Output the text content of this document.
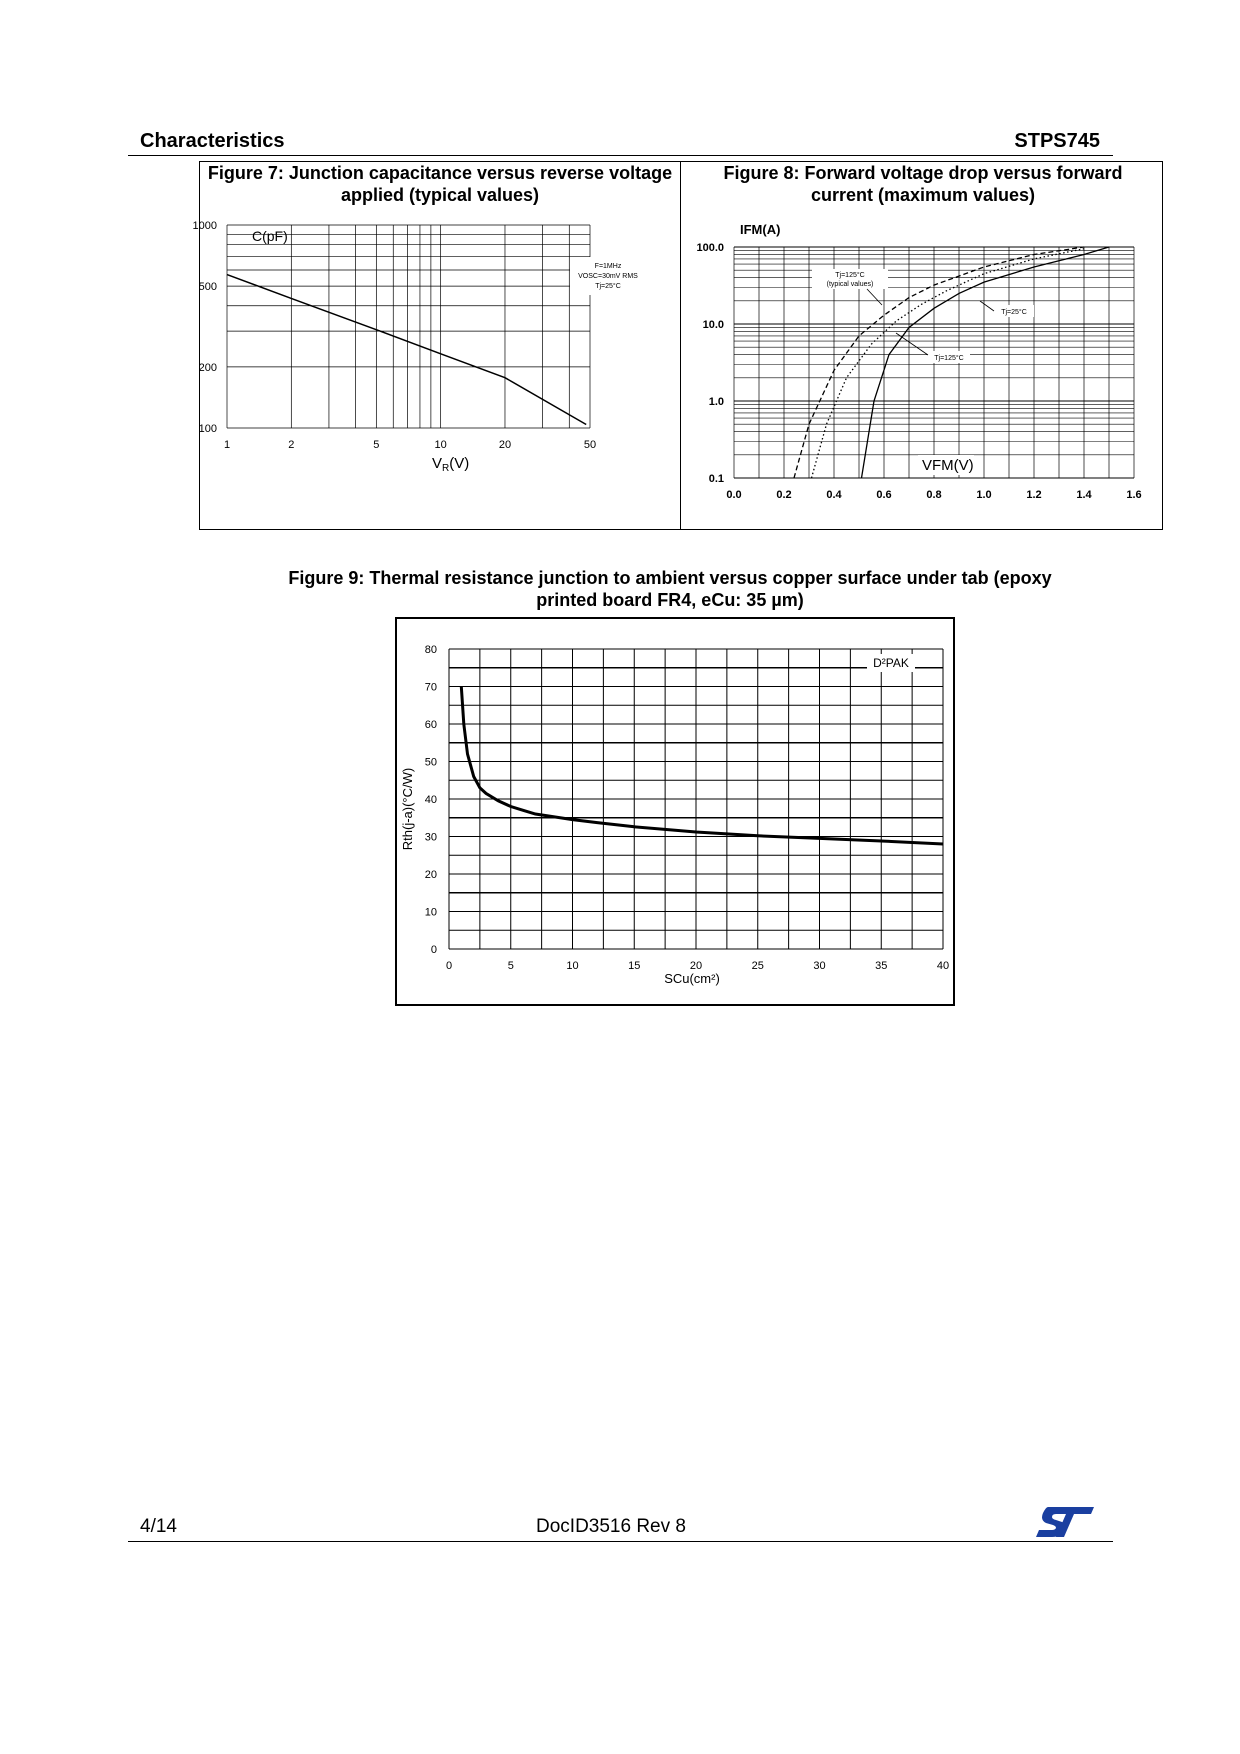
Characteristics	STPS745
Figure 7: Junction capacitance versus reverse voltage applied (typical values)
Figure 8: Forward voltage drop versus forward current (maximum values)
C(pF)
1	2	5	10	20	50
100
200
500
1000
F=1MHz
VOSC=30mV RMS
Tj=25°C
$V_R(V)$
IFM(A)
0.0	0.2	0.4	0.6	0.8	1.0	1.2	1.4	1.6
0.1
1.0
10.0
100.0
Tj=125°C
(typical values)
Tj=25°C
Tj=125°C
VFM(V)
Figure 9: Thermal resistance junction to ambient versus copper surface under tab (epoxy printed board FR4, eCu: 35 µm)
0	5	10	15	20	25	30	35	40
0
10
20
30
40
50
60
70
80
D²PAK
SCu(cm²)
Rth(j-a)(°C/W)
4/14	DocID3516 Rev 8
